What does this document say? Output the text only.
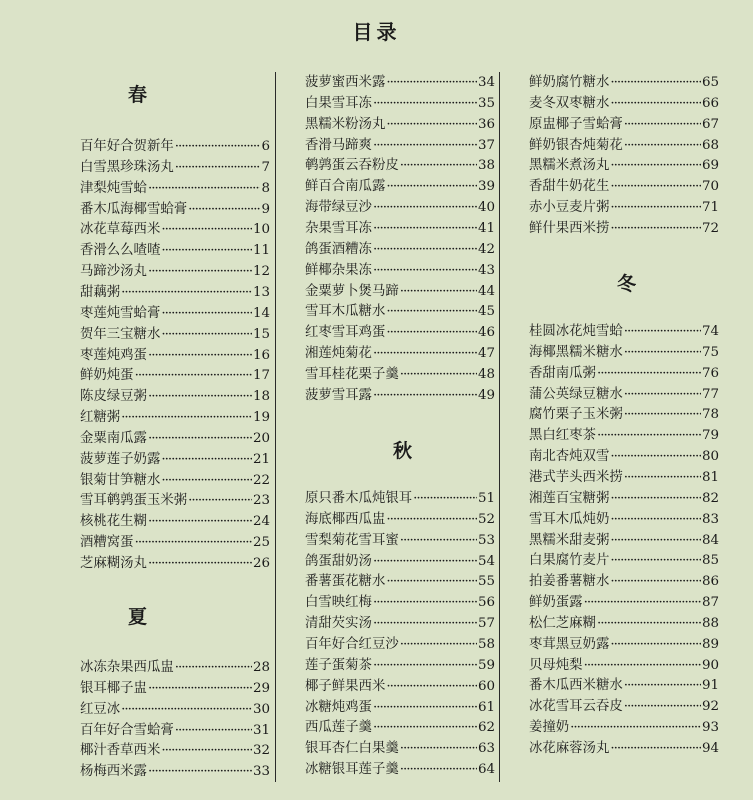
目录
春
百年好合贺新年 ·····	6
白雪黑珍珠汤丸 ·····	7
津梨炖雪蛤 ·····	8
番木瓜海椰雪蛤膏 ·····	9
冰花草莓西米 ·····	10
香滑么么喳喳 ·····	11
马蹄沙汤丸 ·····	12
甜藕粥 ·····	13
枣莲炖雪蛤膏 ·····	14
贺年三宝糖水 ·····	15
枣莲炖鸡蛋 ·····	16
鲜奶炖蛋 ·····	17
陈皮绿豆粥 ·····	18
红糖粥 ·····	19
金粟南瓜露 ·····	20
菠萝莲子奶露 ·····	21
银菊甘笋糖水 ·····	22
雪耳鹌鹑蛋玉米粥 ·····	23
核桃花生糊 ·····	24
酒糟窝蛋 ·····	25
芝麻糊汤丸 ·····	26
夏
冰冻杂果西瓜盅 ·····	28
银耳椰子盅 ·····	29
红豆冰 ·····	30
百年好合雪蛤膏 ·····	31
椰汁香草西米 ·····	32
杨梅西米露 ·····	33
菠萝蜜西米露 ·····	34
白果雪耳冻 ·····	35
黑糯米粉汤丸 ·····	36
香滑马蹄爽 ·····	37
鹌鹑蛋云吞粉皮 ·····	38
鲜百合南瓜露 ·····	39
海带绿豆沙 ·····	40
杂果雪耳冻 ·····	41
鸽蛋酒糟冻 ·····	42
鲜椰杂果冻 ·····	43
金粟萝卜煲马蹄 ·····	44
雪耳木瓜糖水 ·····	45
红枣雪耳鸡蛋 ·····	46
湘莲炖菊花 ·····	47
雪耳桂花栗子羹 ·····	48
菠萝雪耳露 ·····	49
秋
原只番木瓜炖银耳 ·····	51
海底椰西瓜盅 ·····	52
雪梨菊花雪耳蜜 ·····	53
鸽蛋甜奶汤 ·····	54
番薯蛋花糖水 ·····	55
白雪映红梅 ·····	56
清甜芡实汤 ·····	57
百年好合红豆沙 ·····	58
莲子蛋菊茶 ·····	59
椰子鲜果西米 ·····	60
冰糖炖鸡蛋 ·····	61
西瓜莲子羹 ·····	62
银耳杏仁白果羹 ·····	63
冰糖银耳莲子羹 ·····	64
鲜奶腐竹糖水 ·····	65
麦冬双枣糖水 ·····	66
原盅椰子雪蛤膏 ·····	67
鲜奶银杏炖菊花 ·····	68
黑糯米煮汤丸 ·····	69
香甜牛奶花生 ·····	70
赤小豆麦片粥 ·····	71
鲜什果西米捞 ·····	72
冬
桂圆冰花炖雪蛤 ·····	74
海椰黑糯米糖水 ·····	75
香甜南瓜粥 ·····	76
蒲公英绿豆糖水 ·····	77
腐竹栗子玉米粥 ·····	78
黑白红枣茶 ·····	79
南北杏炖双雪 ·····	80
港式芋头西米捞 ·····	81
湘莲百宝糖粥 ·····	82
雪耳木瓜炖奶 ·····	83
黑糯米甜麦粥 ·····	84
白果腐竹麦片 ·····	85
拍姜番薯糖水 ·····	86
鲜奶蛋露 ·····	87
松仁芝麻糊 ·····	88
枣茸黑豆奶露 ·····	89
贝母炖梨 ·····	90
番木瓜西米糖水 ·····	91
冰花雪耳云吞皮 ·····	92
姜撞奶 ·····	93
冰花麻蓉汤丸 ·····	94
